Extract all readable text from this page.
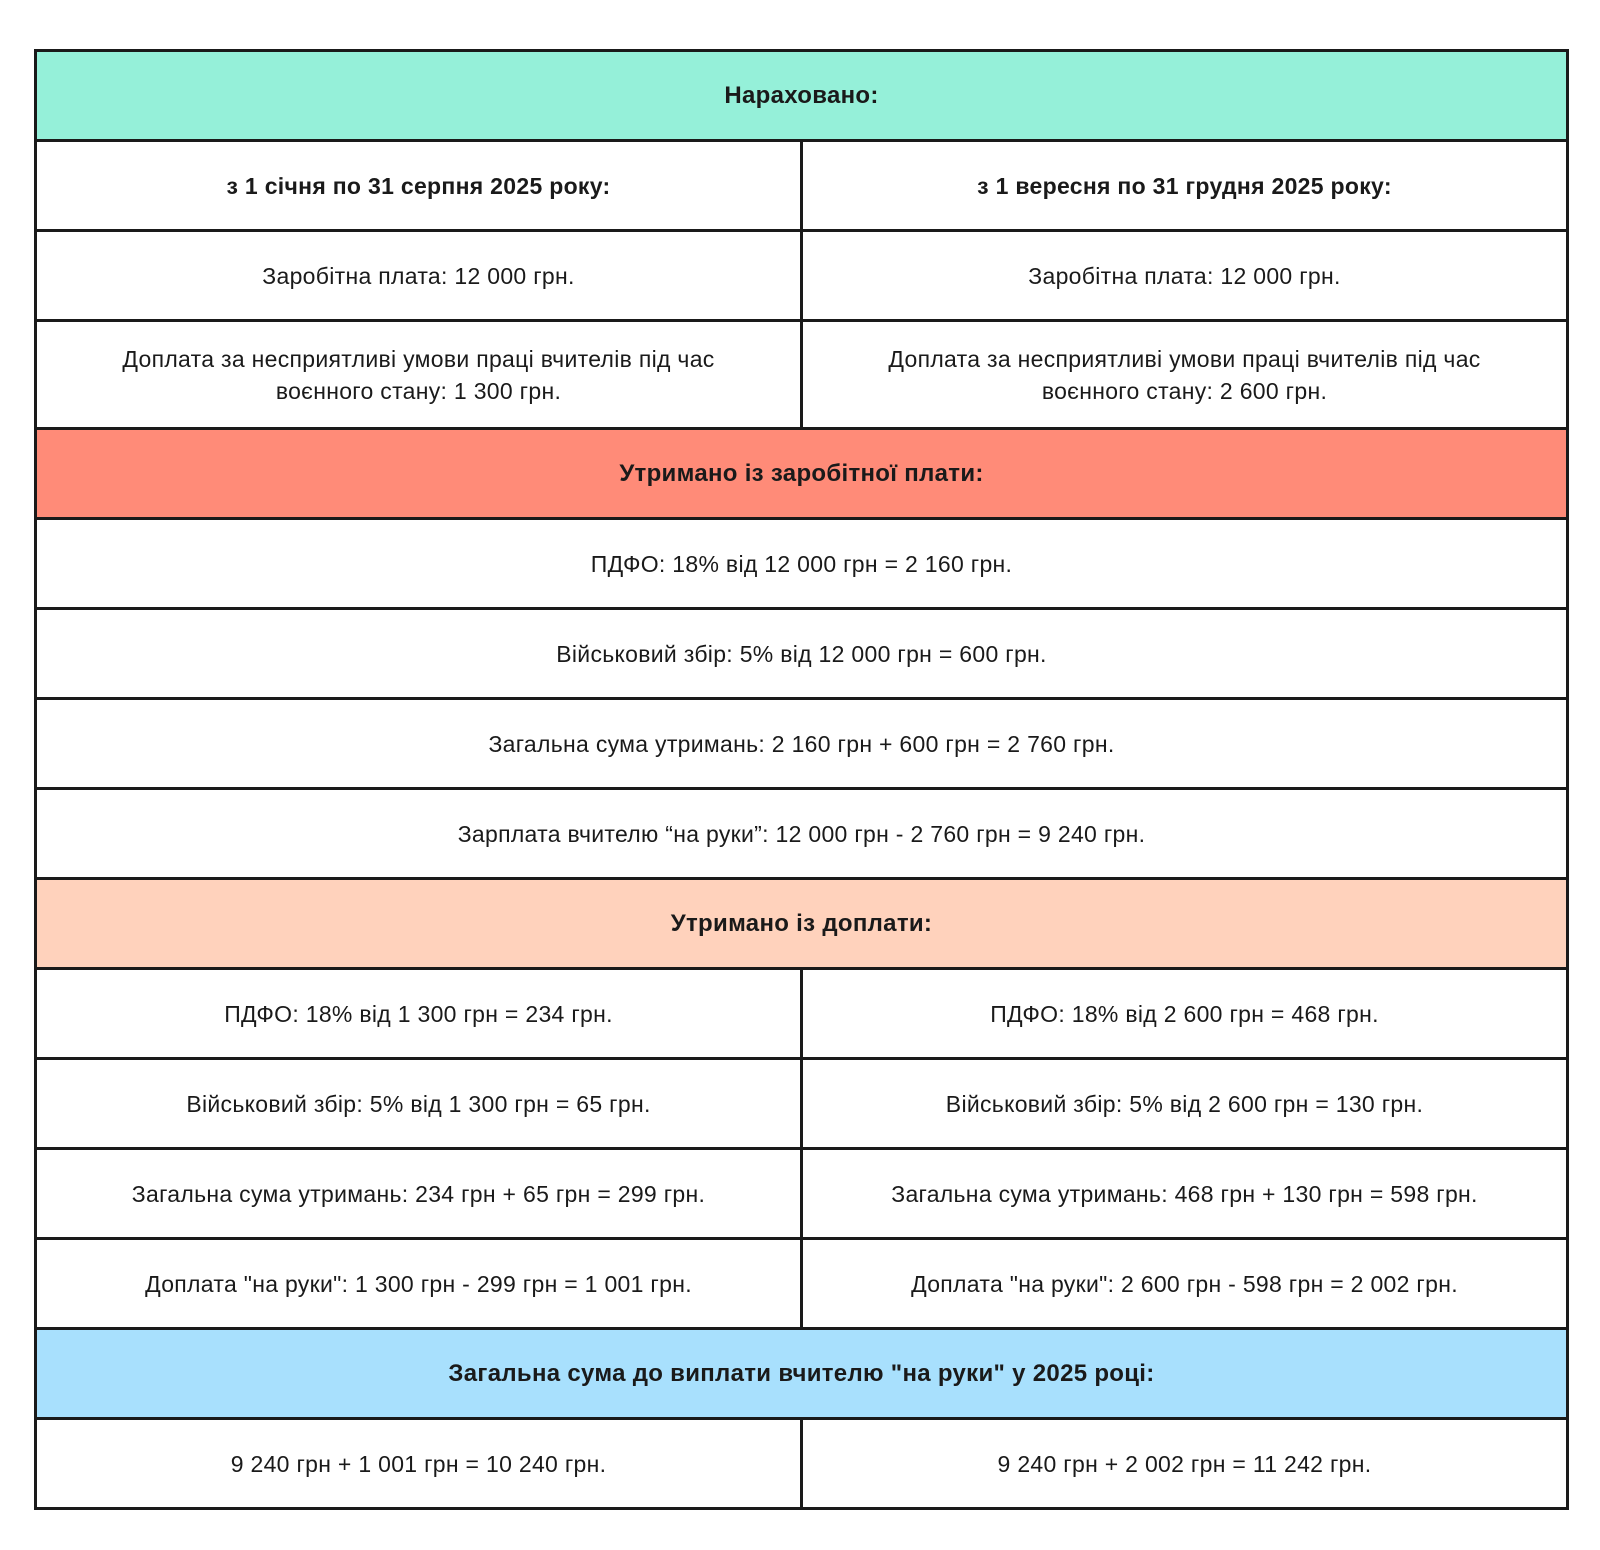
Нараховано:	
з 1 січня по 31 серпня 2025 року:	з 1 вересня по 31 грудня 2025 року:
Заробітна плата: 12 000 грн.	Заробітна плата: 12 000 грн.
Доплата за несприятливі умови праці вчителів під час воєнного стану: 1 300 грн.	Доплата за несприятливі умови праці вчителів під час воєнного стану: 2 600 грн.
Утримано із заробітної плати:	
ПДФО: 18% від 12 000 грн = 2 160 грн.	
Військовий збір: 5% від 12 000 грн = 600 грн.	
Загальна сума утримань: 2 160 грн + 600 грн = 2 760 грн.	
Зарплата вчителю “на руки”: 12 000 грн - 2 760 грн = 9 240 грн.	
Утримано із доплати:	
ПДФО: 18% від 1 300 грн = 234 грн.	ПДФО: 18% від 2 600 грн = 468 грн.
Військовий збір: 5% від 1 300 грн = 65 грн.	Військовий збір: 5% від 2 600 грн = 130 грн.
Загальна сума утримань: 234 грн + 65 грн = 299 грн.	Загальна сума утримань: 468 грн + 130 грн = 598 грн.
Доплата "на руки": 1 300 грн - 299 грн = 1 001 грн.	Доплата "на руки": 2 600 грн - 598 грн = 2 002 грн.
Загальна сума до виплати вчителю "на руки" у 2025 році:	
9 240 грн + 1 001 грн = 10 240 грн.	9 240 грн + 2 002 грн = 11 242 грн.
